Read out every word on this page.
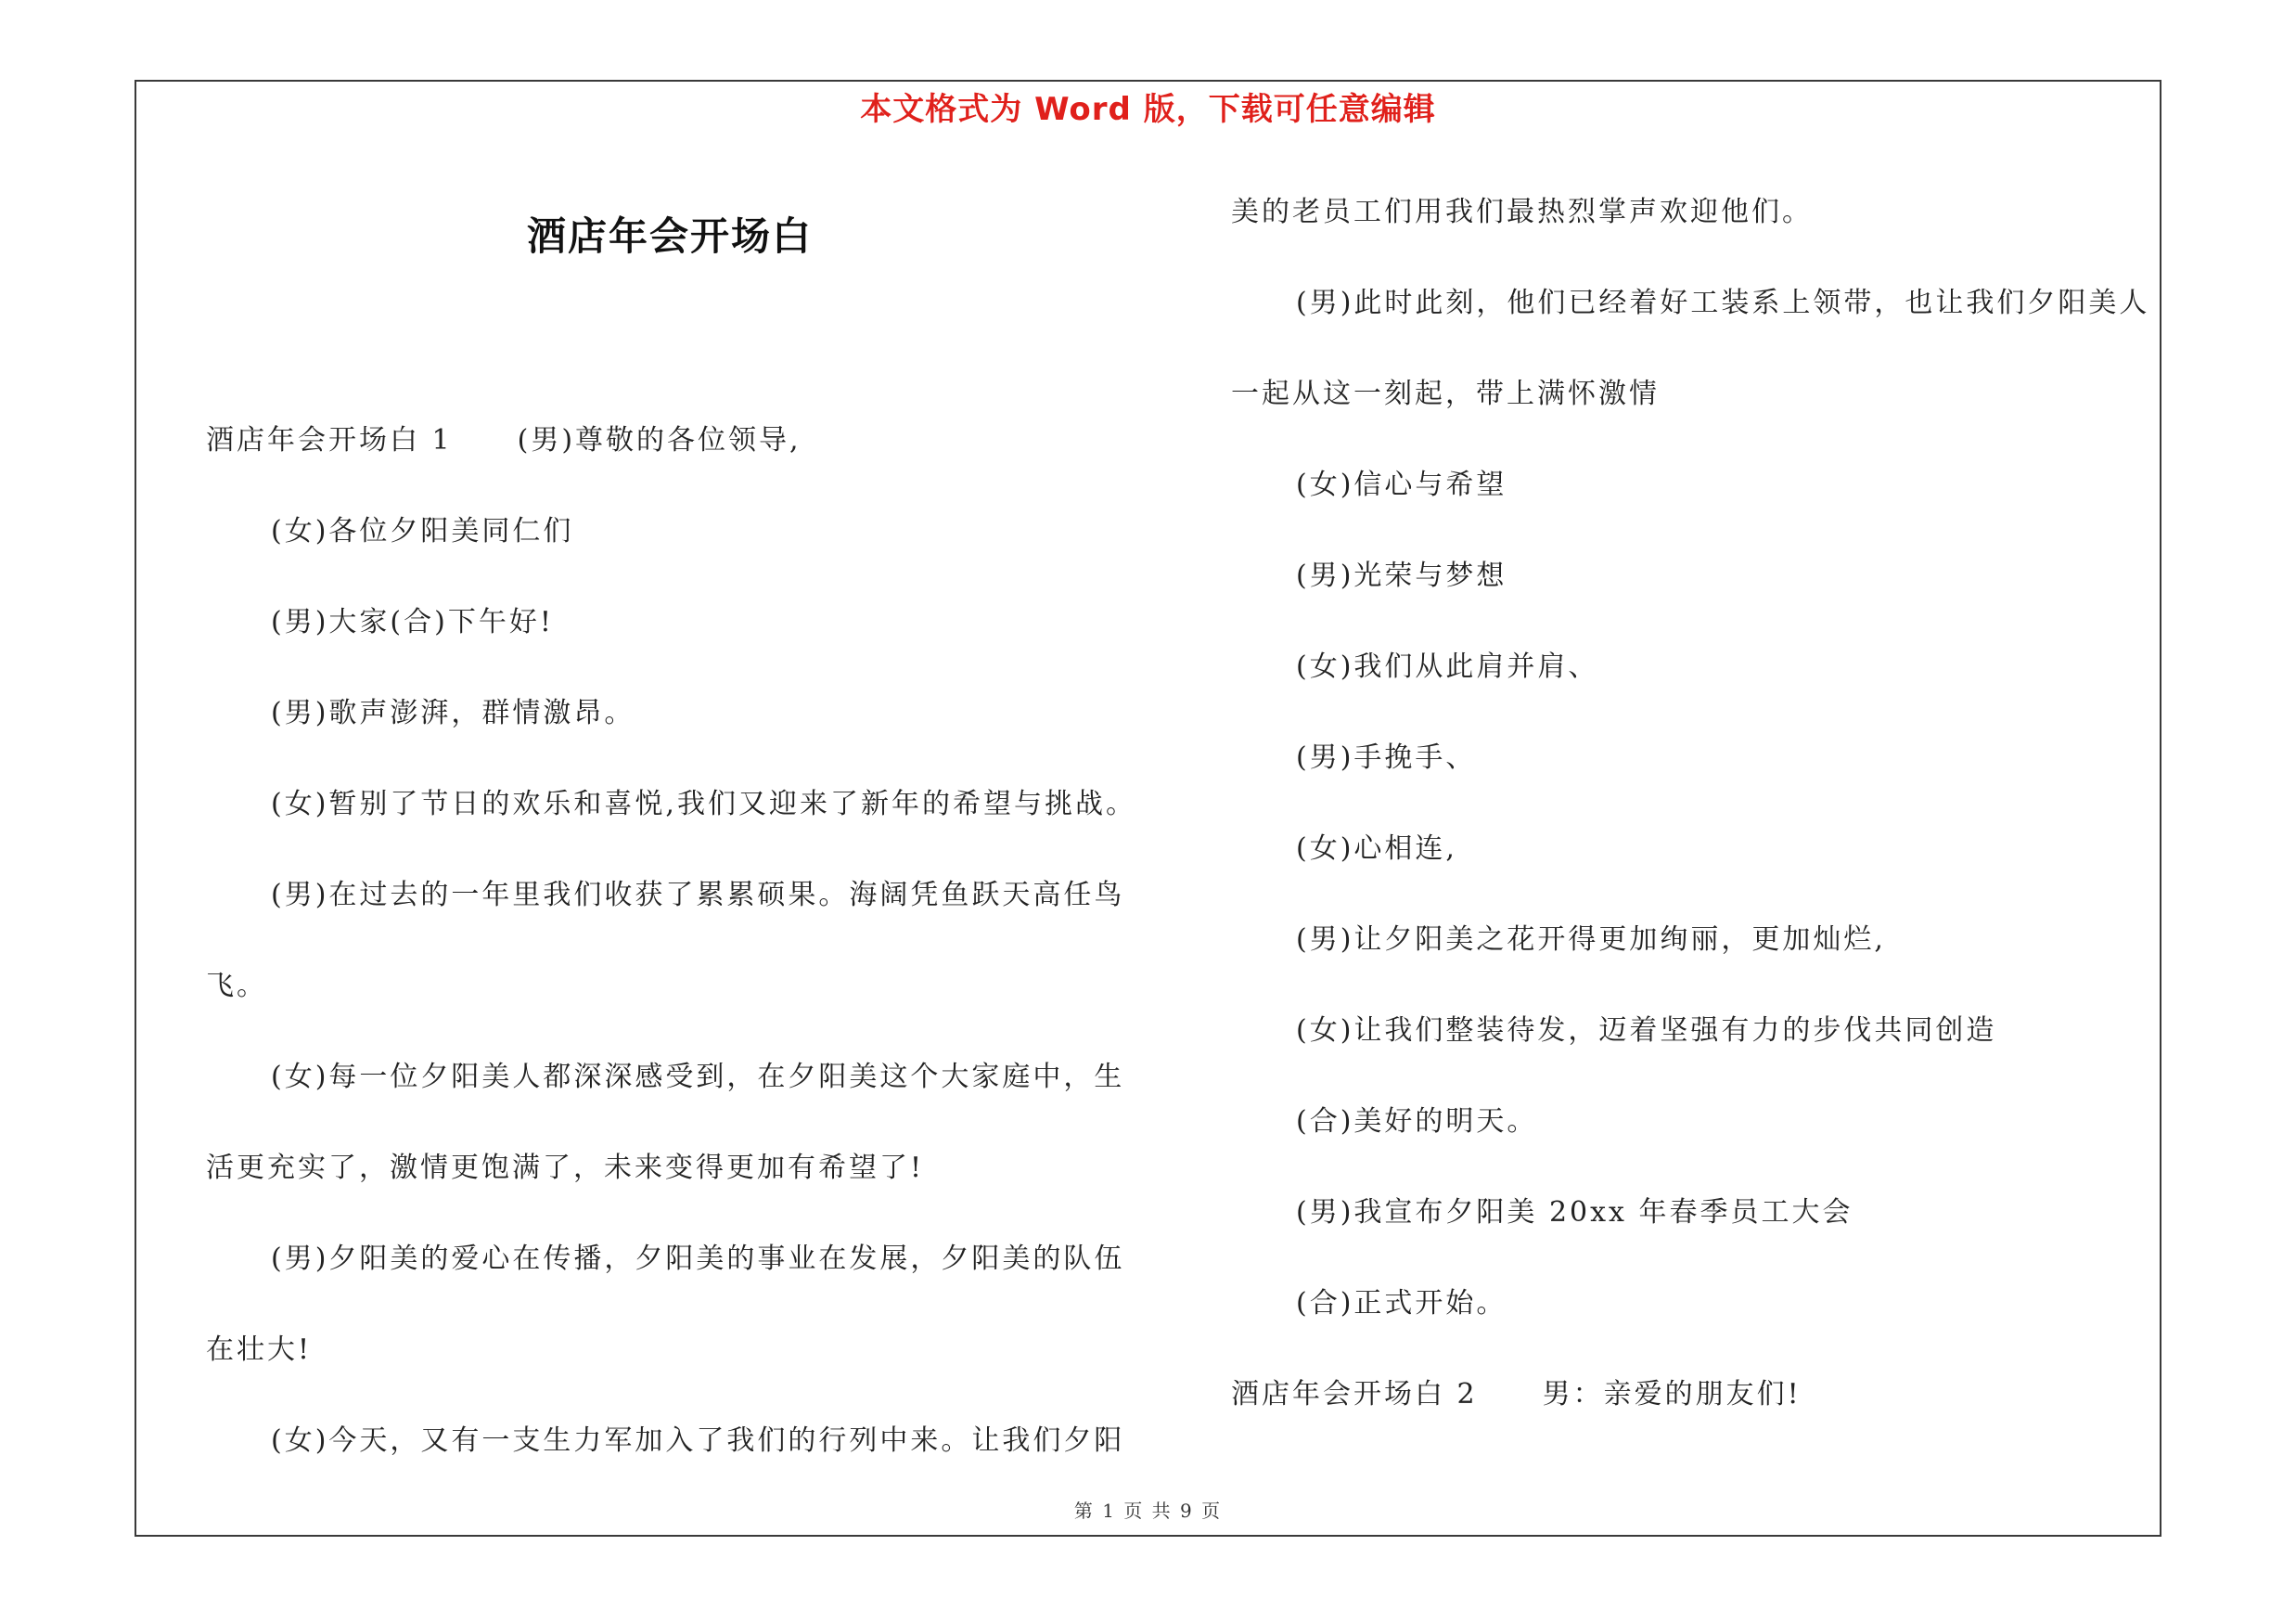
本文格式为 Word 版，下载可任意编辑
酒店年会开场白
酒店年会开场白 1 (男)尊敬的各位领导,
(女)各位夕阳美同仁们
(男)大家(合)下午好!
(男)歌声澎湃，群情激昂。
(女)暂别了节日的欢乐和喜悦,我们又迎来了新年的希望与挑战。
(男)在过去的一年里我们收获了累累硕果。海阔凭鱼跃天高任鸟
飞。
(女)每一位夕阳美人都深深感受到，在夕阳美这个大家庭中，生
活更充实了，激情更饱满了，未来变得更加有希望了!
(男)夕阳美的爱心在传播，夕阳美的事业在发展，夕阳美的队伍
在壮大!
(女)今天，又有一支生力军加入了我们的行列中来。让我们夕阳
美的老员工们用我们最热烈掌声欢迎他们。
(男)此时此刻，他们已经着好工装系上领带，也让我们夕阳美人
一起从这一刻起，带上满怀激情
(女)信心与希望
(男)光荣与梦想
(女)我们从此肩并肩、
(男)手挽手、
(女)心相连,
(男)让夕阳美之花开得更加绚丽，更加灿烂,
(女)让我们整装待发，迈着坚强有力的步伐共同创造
(合)美好的明天。
(男)我宣布夕阳美 20xx 年春季员工大会
(合)正式开始。
酒店年会开场白 2 男：亲爱的朋友们!
第 1 页 共 9 页
